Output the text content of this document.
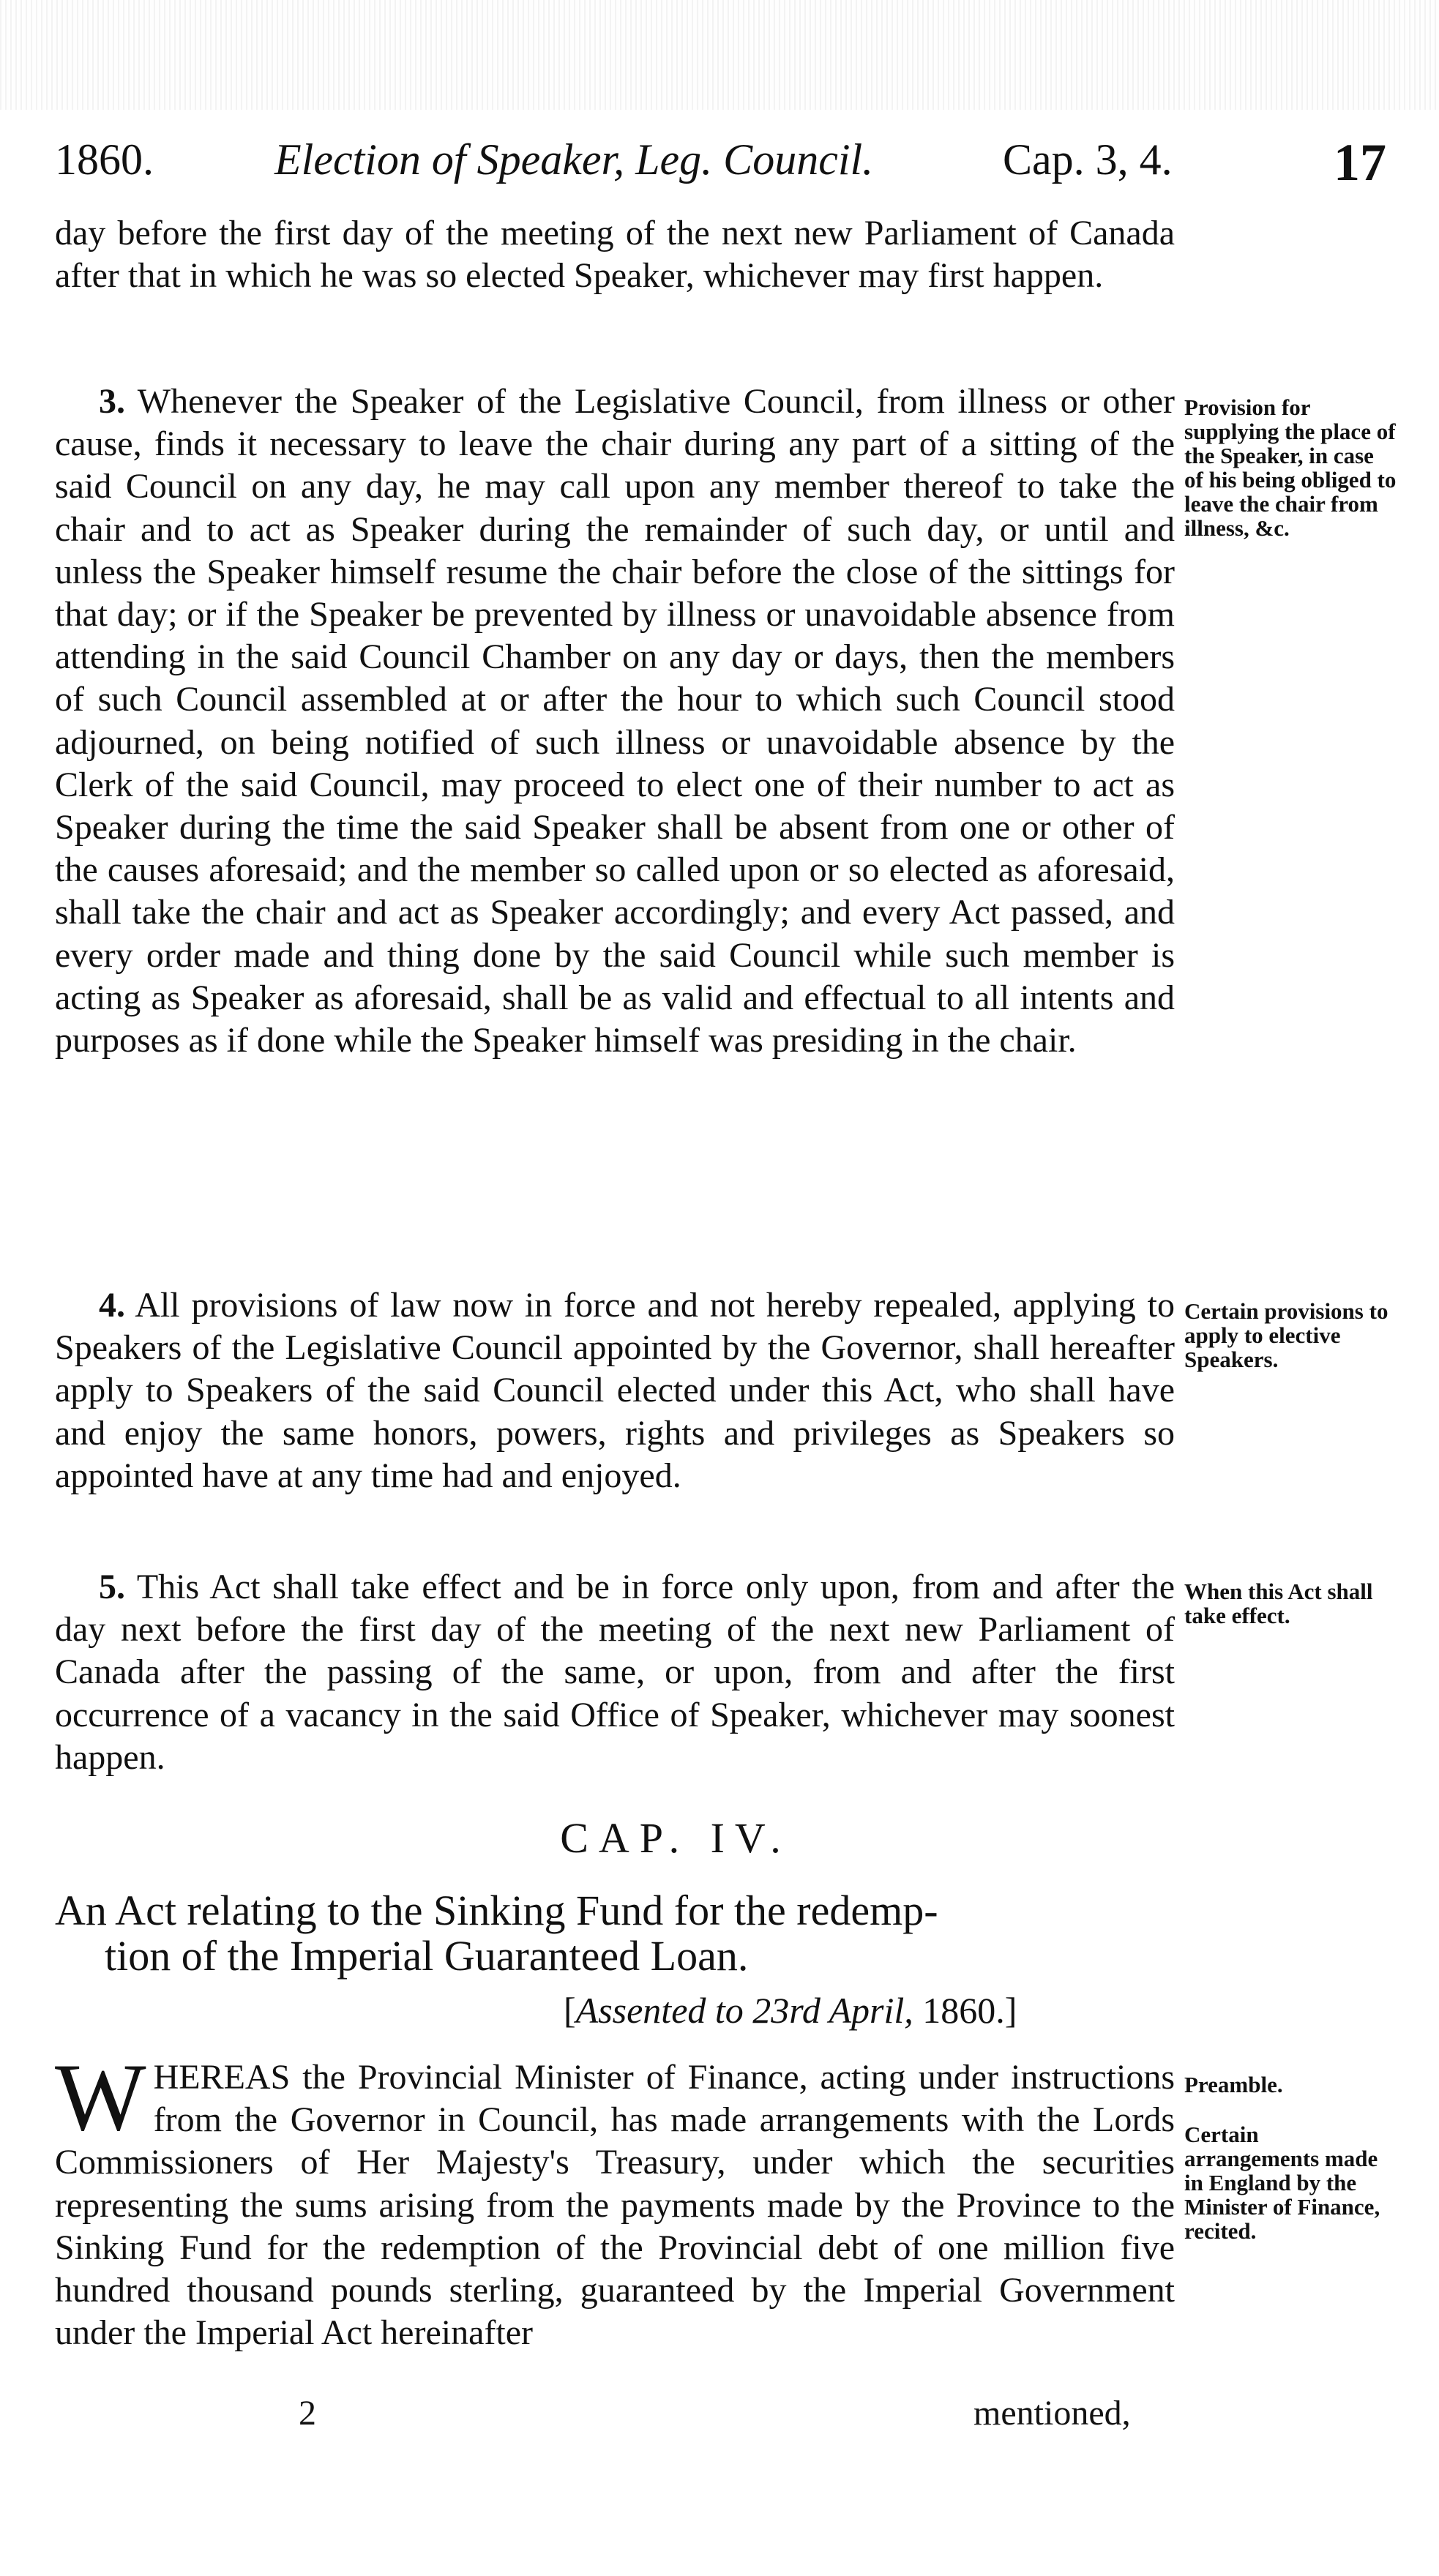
1860.	Election of Speaker, Leg. Council.	Cap. 3, 4.	17

day before the first day of the meeting of the next new Parliament of Canada after that in which he was so elected Speaker, whichever may first happen.

3. Whenever the Speaker of the Legislative Council, from illness or other cause, finds it necessary to leave the chair during any part of a sitting of the said Council on any day, he may call upon any member thereof to take the chair and to act as Speaker during the remainder of such day, or until and unless the Speaker himself resume the chair before the close of the sittings for that day; or if the Speaker be prevented by illness or unavoidable absence from attending in the said Council Chamber on any day or days, then the members of such Council assembled at or after the hour to which such Council stood adjourned, on being notified of such illness or unavoidable absence by the Clerk of the said Council, may proceed to elect one of their number to act as Speaker during the time the said Speaker shall be absent from one or other of the causes aforesaid; and the member so called upon or so elected as aforesaid, shall take the chair and act as Speaker accordingly; and every Act passed, and every order made and thing done by the said Council while such member is acting as Speaker as aforesaid, shall be as valid and effectual to all intents and purposes as if done while the Speaker himself was presiding in the chair.

Provision for supplying the place of the Speaker, in case of his being obliged to leave the chair from illness, &c.

4. All provisions of law now in force and not hereby repealed, applying to Speakers of the Legislative Council appointed by the Governor, shall hereafter apply to Speakers of the said Council elected under this Act, who shall have and enjoy the same honors, powers, rights and privileges as Speakers so appointed have at any time had and enjoyed.

Certain provisions to apply to elective Speakers.

5. This Act shall take effect and be in force only upon, from and after the day next before the first day of the meeting of the next new Parliament of Canada after the passing of the same, or upon, from and after the first occurrence of a vacancy in the said Office of Speaker, whichever may soonest happen.

When this Act shall take effect.
CAP. IV.
An Act relating to the Sinking Fund for the redemp-
tion of the Imperial Guaranteed Loan.
[Assented to 23rd April, 1860.]

WHEREAS the Provincial Minister of Finance, acting under instructions from the Governor in Council, has made arrangements with the Lords Commissioners of Her Majesty's Treasury, under which the securities representing the sums arising from the payments made by the Province to the Sinking Fund for the redemption of the Provincial debt of one million five hundred thousand pounds sterling, guaranteed by the Imperial Government under the Imperial Act hereinafter

Preamble.
Certain arrangements made in England by the Minister of Finance, recited.
2	mentioned,
